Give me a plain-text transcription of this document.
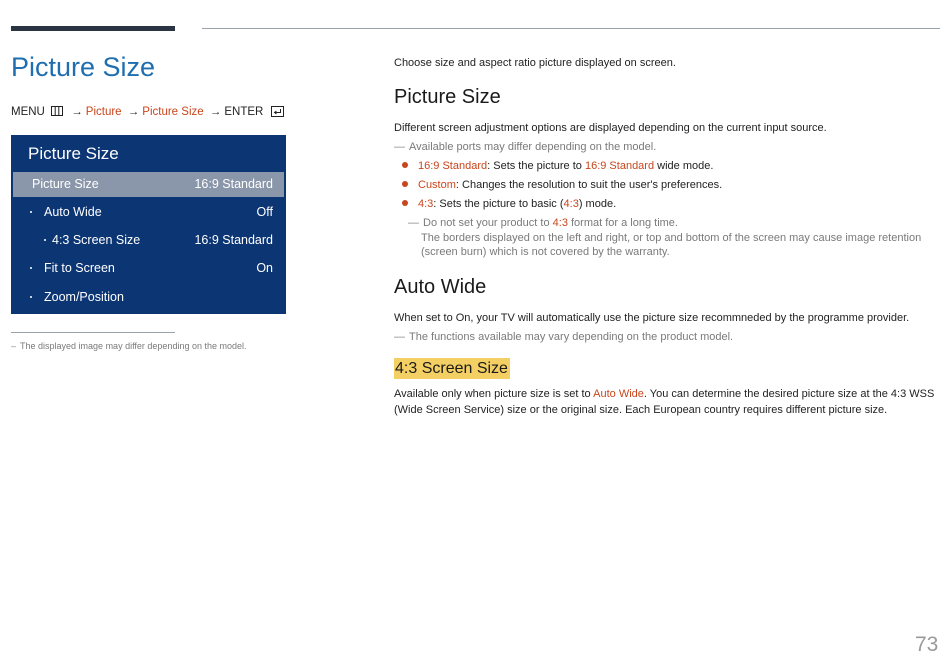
Picture Size
MENU → Picture → Picture Size → ENTER
Picture Size
Picture Size	16:9 Standard
Auto Wide	Off
4:3 Screen Size	16:9 Standard
Fit to Screen	On
Zoom/Position
– The displayed image may differ depending on the model.
Choose size and aspect ratio picture displayed on screen.
Picture Size
Different screen adjustment options are displayed depending on the current input source.
— Available ports may differ depending on the model.
16:9 Standard: Sets the picture to 16:9 Standard wide mode.
Custom: Changes the resolution to suit the user's preferences.
4:3: Sets the picture to basic (4:3) mode.
— Do not set your product to 4:3 format for a long time.
The borders displayed on the left and right, or top and bottom of the screen may cause image retention (screen burn) which is not covered by the warranty.
Auto Wide
When set to On, your TV will automatically use the picture size recommneded by the programme provider.
— The functions available may vary depending on the product model.
4:3 Screen Size
Available only when picture size is set to Auto Wide. You can determine the desired picture size at the 4:3 WSS (Wide Screen Service) size or the original size. Each European country requires different picture size.
73
